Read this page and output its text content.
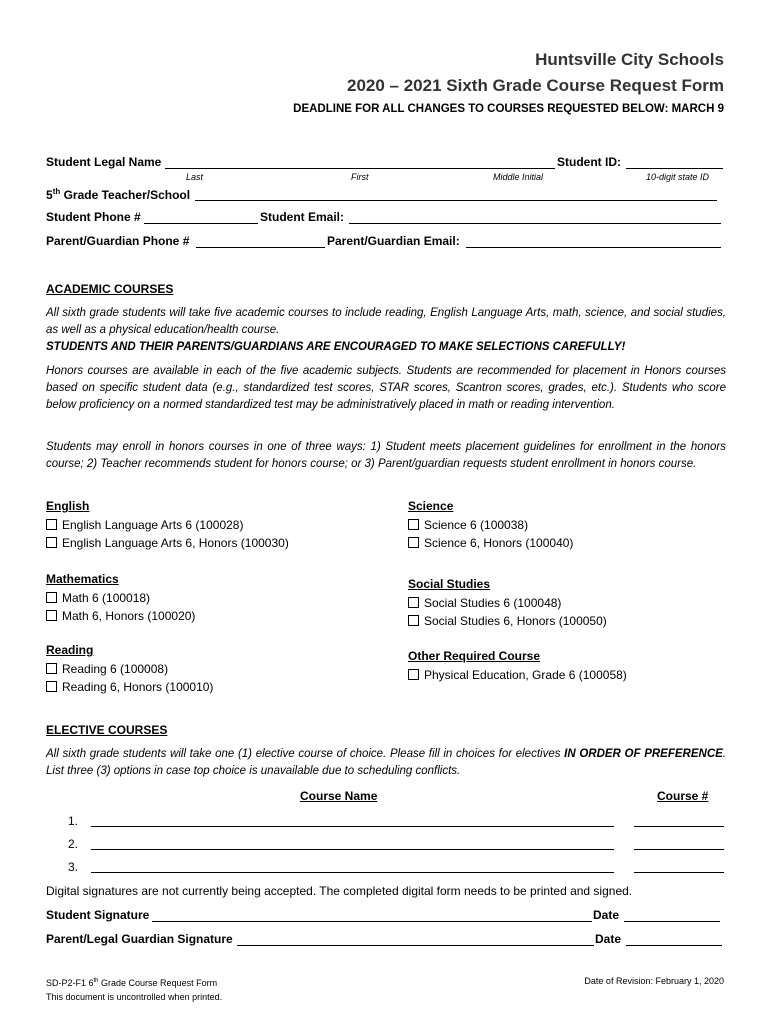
Huntsville City Schools
2020 – 2021 Sixth Grade Course Request Form
DEADLINE FOR ALL CHANGES TO COURSES REQUESTED BELOW: MARCH 9
Student Legal Name	Student ID:
Last	First	Middle Initial	10-digit state ID
5th Grade Teacher/School
Student Phone #	Student Email:
Parent/Guardian Phone #	Parent/Guardian Email:
ACADEMIC COURSES
All sixth grade students will take five academic courses to include reading, English Language Arts, math, science, and social studies, as well as a physical education/health course.
STUDENTS AND THEIR PARENTS/GUARDIANS ARE ENCOURAGED TO MAKE SELECTIONS CAREFULLY!
Honors courses are available in each of the five academic subjects. Students are recommended for placement in Honors courses based on specific student data (e.g., standardized test scores, STAR scores, Scantron scores, grades, etc.). Students who score below proficiency on a normed standardized test may be administratively placed in math or reading intervention.
Students may enroll in honors courses in one of three ways: 1) Student meets placement guidelines for enrollment in the honors course; 2) Teacher recommends student for honors course; or 3) Parent/guardian requests student enrollment in honors course.
English
English Language Arts 6 (100028)
English Language Arts 6, Honors (100030)
Mathematics
Math 6 (100018)
Math 6, Honors (100020)
Reading
Reading 6 (100008)
Reading 6, Honors (100010)
Science
Science 6 (100038)
Science 6, Honors (100040)
Social Studies
Social Studies 6 (100048)
Social Studies 6, Honors (100050)
Other Required Course
Physical Education, Grade 6 (100058)
ELECTIVE COURSES
All sixth grade students will take one (1) elective course of choice. Please fill in choices for electives IN ORDER OF PREFERENCE. List three (3) options in case top choice is unavailable due to scheduling conflicts.
Course Name	Course #
1.
2.
3.
Digital signatures are not currently being accepted. The completed digital form needs to be printed and signed.
Student Signature	Date
Parent/Legal Guardian Signature	Date
SD-P2-F1 6th Grade Course Request Form
This document is uncontrolled when printed.
Date of Revision: February 1, 2020
